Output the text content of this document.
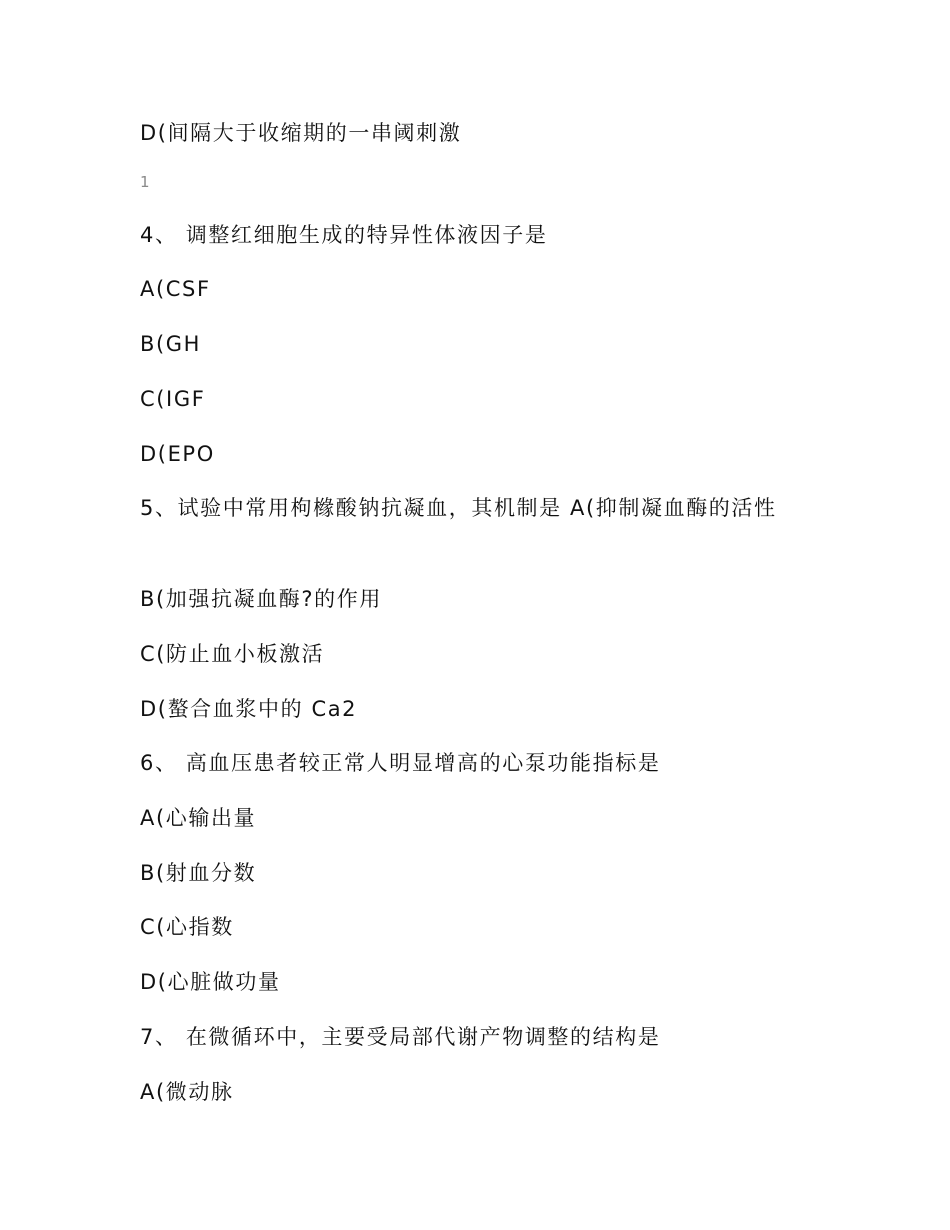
D(间隔大于收缩期的一串阈刺激

1

4、 调整红细胞生成的特异性体液因子是

A(CSF

B(GH

C(IGF

D(EPO

5、试验中常用枸橼酸钠抗凝血，其机制是 A(抑制凝血酶的活性

B(加强抗凝血酶?的作用

C(防止血小板激活

D(螯合血浆中的 Ca2

6、 高血压患者较正常人明显增高的心泵功能指标是

A(心输出量

B(射血分数

C(心指数

D(心脏做功量

7、 在微循环中，主要受局部代谢产物调整的结构是

A(微动脉
